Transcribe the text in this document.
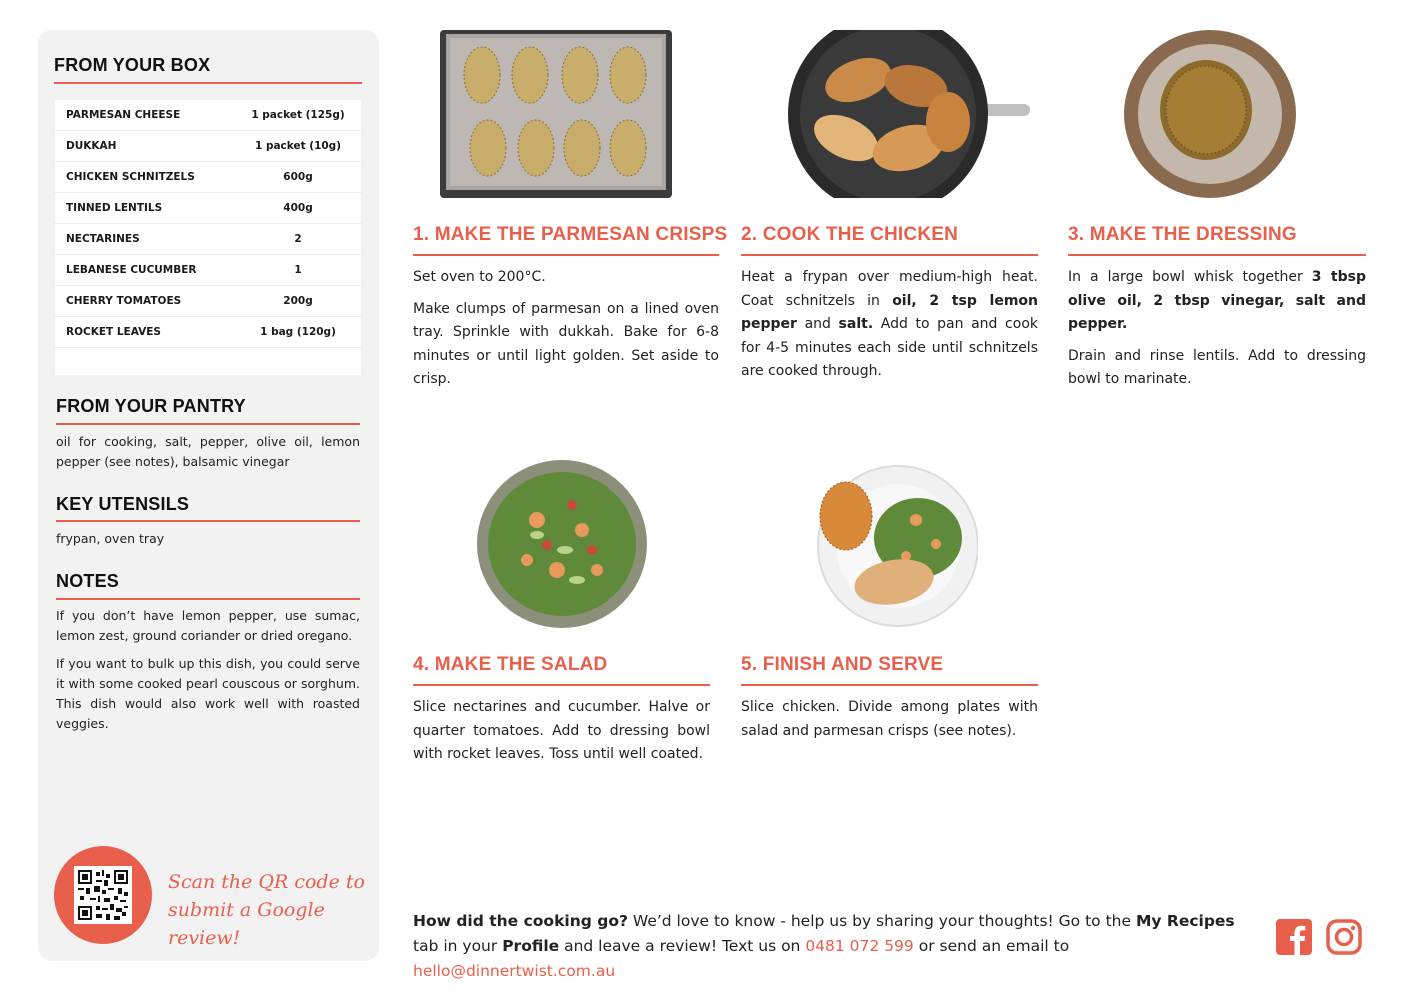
FROM YOUR BOX
PARMESAN CHEESE	1 packet (125g)
DUKKAH	1 packet (10g)
CHICKEN SCHNITZELS	600g
TINNED LENTILS	400g
NECTARINES	2
LEBANESE CUCUMBER	1
CHERRY TOMATOES	200g
ROCKET LEAVES	1 bag (120g)
FROM YOUR PANTRY
oil for cooking, salt, pepper, olive oil, lemon pepper (see notes), balsamic vinegar
KEY UTENSILS
frypan, oven tray
NOTES

If you don’t have lemon pepper, use sumac, lemon zest, ground coriander or dried oregano.

If you want to bulk up this dish, you could serve it with some cooked pearl couscous or sorghum. This dish would also work well with roasted veggies.

Scan the QR code to
submit a Google review!
1. MAKE THE PARMESAN CRISPS

Set oven to 200°C.

Make clumps of parmesan on a lined oven tray. Sprinkle with dukkah. Bake for 6-8 minutes or until light golden. Set aside to crisp.

2. COOK THE CHICKEN

Heat a frypan over medium-high heat. Coat schnitzels in oil, 2 tsp lemon pepper and salt. Add to pan and cook for 4-5 minutes each side until schnitzels are cooked through.

3. MAKE THE DRESSING

In a large bowl whisk together 3 tbsp olive oil, 2 tbsp vinegar, salt and pepper.

Drain and rinse lentils. Add to dressing bowl to marinate.

4. MAKE THE SALAD

Slice nectarines and cucumber. Halve or quarter tomatoes. Add to dressing bowl with rocket leaves. Toss until well coated.

5. FINISH AND SERVE

Slice chicken. Divide among plates with salad and parmesan crisps (see notes).

How did the cooking go? We’d love to know - help us by sharing your thoughts! Go to the My Recipes tab in your Profile and leave a review! Text us on 0481 072 599 or send an email to hello@dinnertwist.com.au
